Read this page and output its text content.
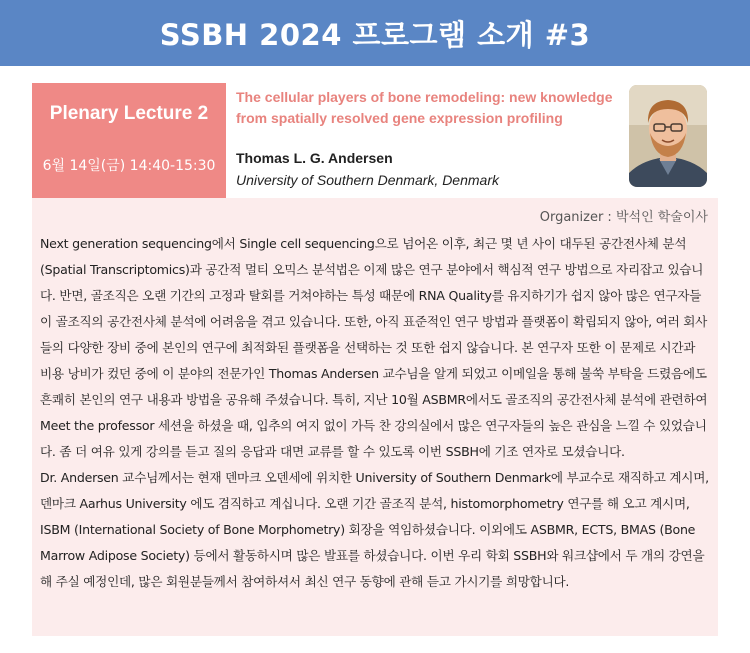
SSBH 2024 프로그램 소개 #3
Plenary Lecture 2
6월 14일(금) 14:40-15:30
The cellular players of bone remodeling: new knowledge from spatially resolved gene expression profiling
Thomas L. G. Andersen
University of Southern Denmark, Denmark
Organizer : 박석인 학술이사

Next generation sequencing에서 Single cell sequencing으로 넘어온 이후, 최근 몇 년 사이 대두된 공간전사체 분석(Spatial Transcriptomics)과 공간적 멀티 오믹스 분석법은 이제 많은 연구 분야에서 핵심적 연구 방법으로 자리잡고 있습니다. 반면, 골조직은 오랜 기간의 고정과 탈회를 거쳐야하는 특성 때문에 RNA Quality를 유지하기가 쉽지 않아 많은 연구자들이 골조직의 공간전사체 분석에 어려움을 겪고 있습니다. 또한, 아직 표준적인 연구 방법과 플랫폼이 확립되지 않아, 여러 회사들의 다양한 장비 중에 본인의 연구에 최적화된 플랫폼을 선택하는 것 또한 쉽지 않습니다. 본 연구자 또한 이 문제로 시간과 비용 낭비가 컸던 중에 이 분야의 전문가인 Thomas Andersen 교수님을 알게 되었고 이메일을 통해 불쑥 부탁을 드렸음에도 흔쾌히 본인의 연구 내용과 방법을 공유해 주셨습니다. 특히, 지난 10월 ASBMR에서도 골조직의 공간전사체 분석에 관련하여 Meet the professor 세션을 하셨을 때, 입추의 여지 없이 가득 찬 강의실에서 많은 연구자들의 높은 관심을 느낄 수 있었습니다. 좀 더 여유 있게 강의를 듣고 질의 응답과 대면 교류를 할 수 있도록 이번 SSBH에 기조 연자로 모셨습니다.

Dr. Andersen 교수님께서는 현재 덴마크 오덴세에 위치한 University of Southern Denmark에 부교수로 재직하고 계시며, 덴마크 Aarhus University 에도 겸직하고 계십니다. 오랜 기간 골조직 분석, histomorphometry 연구를 해 오고 계시며, ISBM (International Society of Bone Morphometry) 회장을 역임하셨습니다. 이외에도 ASBMR, ECTS, BMAS (Bone Marrow Adipose Society) 등에서 활동하시며 많은 발표를 하셨습니다. 이번 우리 학회 SSBH와 워크샵에서 두 개의 강연을 해 주실 예정인데, 많은 회원분들께서 참여하셔서 최신 연구 동향에 관해 듣고 가시기를 희망합니다.
